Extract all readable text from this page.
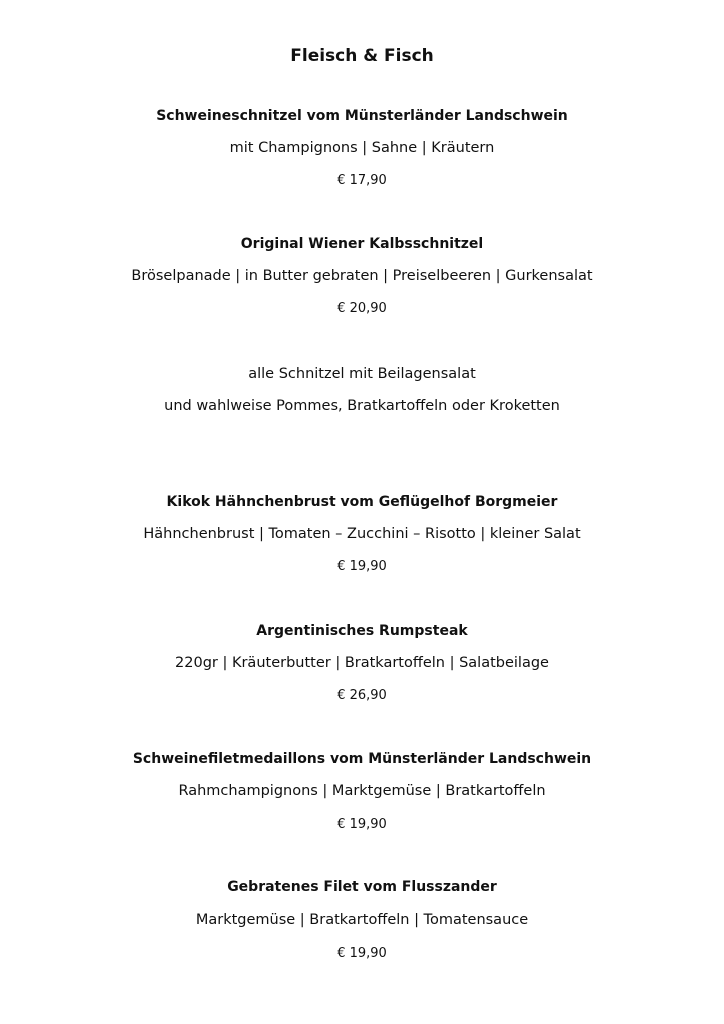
Fleisch & Fisch
Schweineschnitzel vom Münsterländer Landschwein
mit Champignons | Sahne | Kräutern
€ 17,90
Original Wiener Kalbsschnitzel
Bröselpanade | in Butter gebraten | Preiselbeeren | Gurkensalat
€ 20,90
alle Schnitzel mit Beilagensalat
und wahlweise Pommes, Bratkartoffeln oder Kroketten
Kikok Hähnchenbrust vom Geflügelhof Borgmeier
Hähnchenbrust | Tomaten – Zucchini – Risotto | kleiner Salat
€ 19,90
Argentinisches Rumpsteak
220gr | Kräuterbutter | Bratkartoffeln | Salatbeilage
€ 26,90
Schweinefiletmedaillons vom Münsterländer Landschwein
Rahmchampignons | Marktgemüse | Bratkartoffeln
€ 19,90
Gebratenes Filet vom Flusszander
Marktgemüse | Bratkartoffeln | Tomatensauce
€ 19,90
